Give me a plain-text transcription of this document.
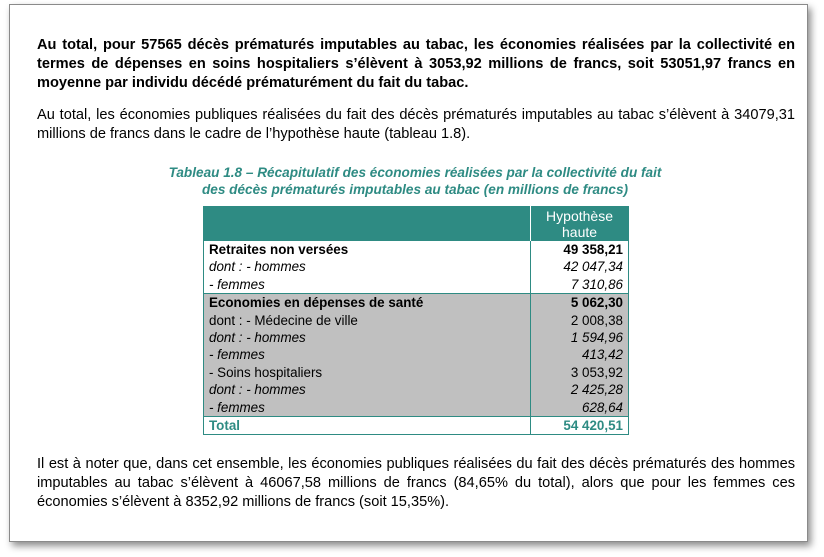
Au total, pour 57565 décès prématurés imputables au tabac, les économies réalisées par la collectivité en termes de dépenses en soins hospitaliers s’élèvent à 3053,92 millions de francs, soit 53051,97 francs en moyenne par individu décédé prématurément du fait du tabac.
Au total, les économies publiques réalisées du fait des décès prématurés imputables au tabac s’élèvent à 34079,31 millions de francs dans le cadre de l’hypothèse haute (tableau 1.8).
Tableau 1.8 – Récapitulatif des économies réalisées par la collectivité du fait
des décès prématurés imputables au tabac (en millions de francs)
	Hypothèse
haute
Retraites non versées	49 358,21
dont : - hommes	42 047,34
- femmes	7 310,86
Economies en dépenses de santé	5 062,30
dont : - Médecine de ville	2 008,38
dont : - hommes	1 594,96
- femmes	413,42
- Soins hospitaliers	3 053,92
dont : - hommes	2 425,28
- femmes	628,64
Total	54 420,51
Il est à noter que, dans cet ensemble, les économies publiques réalisées du fait des décès prématurés des hommes imputables au tabac s’élèvent à 46067,58 millions de francs (84,65% du total), alors que pour les femmes ces économies s’élèvent à 8352,92 millions de francs (soit 15,35%).
